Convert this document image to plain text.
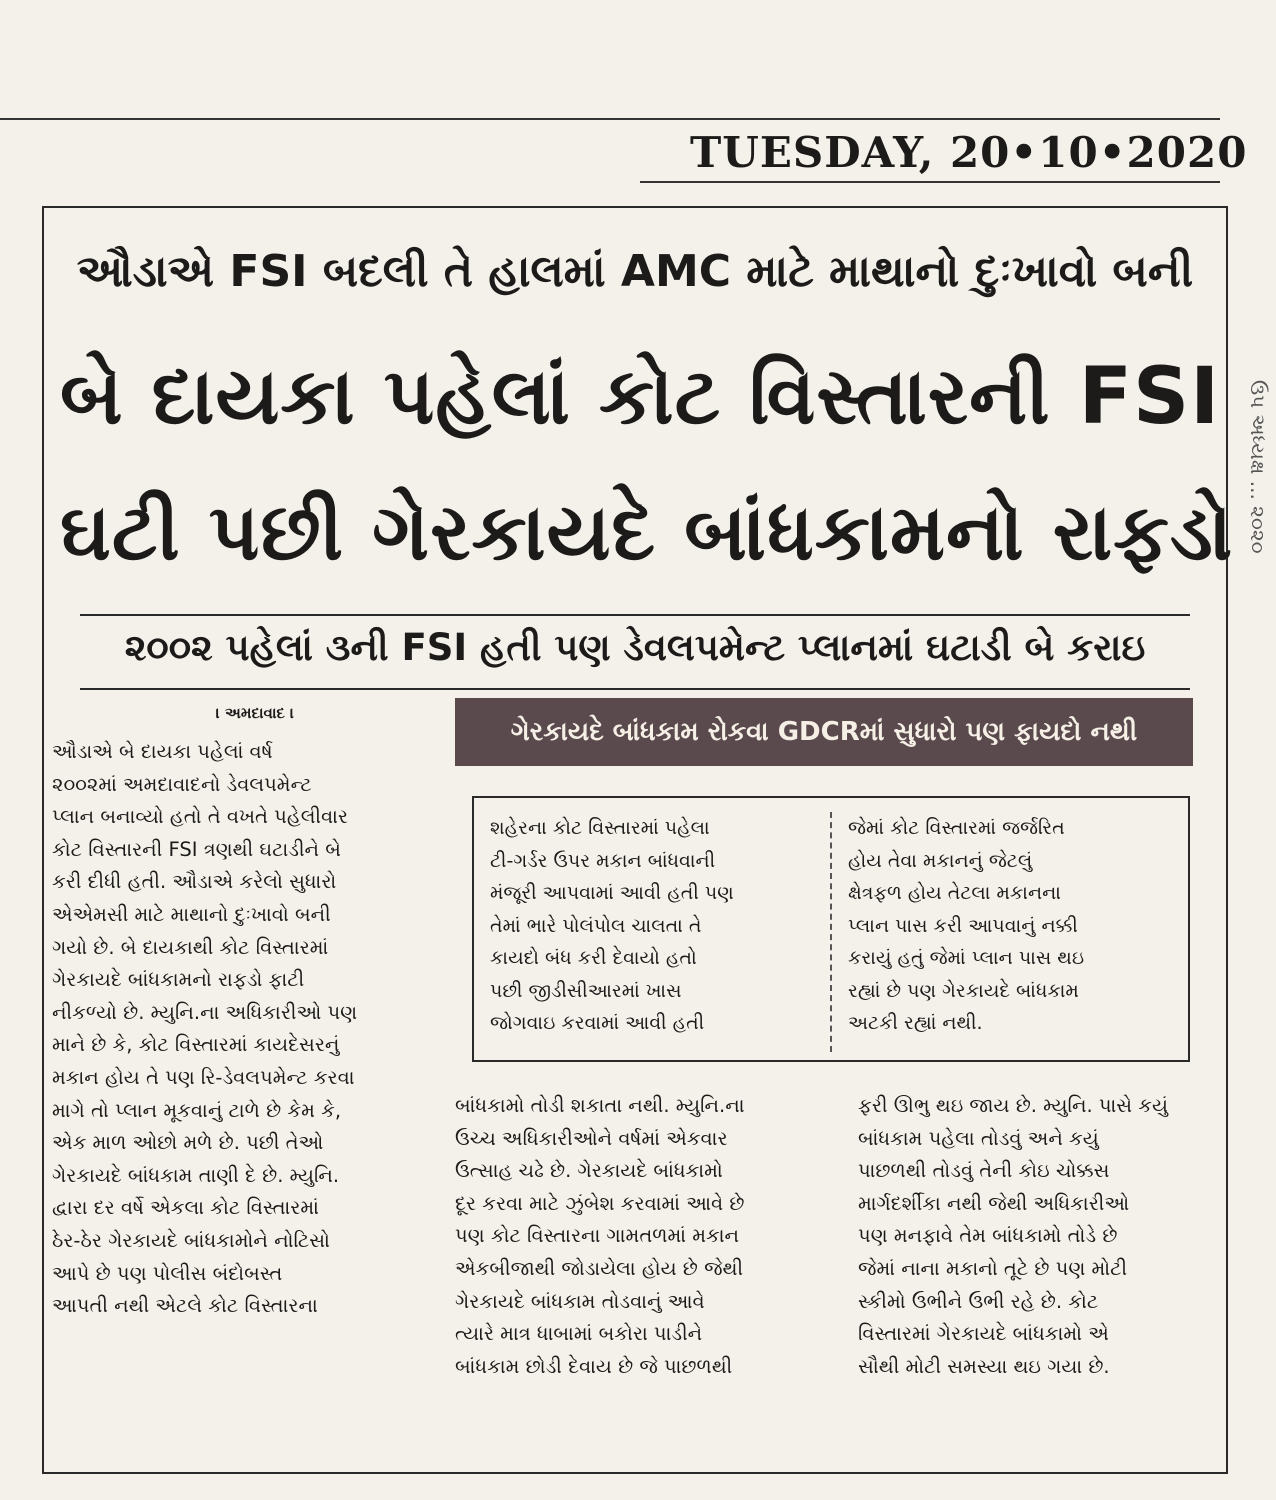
TUESDAY, 20•10•2020
ઔડાએ FSI બદલી તે હાલમાં AMC માટે માથાનો દુઃખાવો બની
બે દાયકા પહેલાં કોટ વિસ્તારની FSI
ઘટી પછી ગેરકાયદે બાંધકામનો રાફડો
૨૦૦૨ પહેલાં ૩ની FSI હતી પણ ડેવલપમેન્ટ પ્લાનમાં ઘટાડી બે કરાઇ
। અમદાવાદ ।

ઔડાએ બે દાયકા પહેલાં વર્ષ

૨૦૦૨માં અમદાવાદનો ડેવલપમેન્ટ

પ્લાન બનાવ્યો હતો તે વખતે પહેલીવાર

કોટ વિસ્તારની FSI ત્રણથી ઘટાડીને બે

કરી દીધી હતી. ઔડાએ કરેલો સુધારો

એએમસી માટે માથાનો દુઃખાવો બની

ગયો છે. બે દાયકાથી કોટ વિસ્તારમાં

ગેરકાયદે બાંધકામનો રાફડો ફાટી

નીકળ્યો છે. મ્યુનિ.ના અધિકારીઓ પણ

માને છે કે, કોટ વિસ્તારમાં કાયદેસરનું

મકાન હોય તે પણ રિ-ડેવલપમેન્ટ કરવા

માગે તો પ્લાન મૂકવાનું ટાળે છે કેમ કે,

એક માળ ઓછો મળે છે. પછી તેઓ

ગેરકાયદે બાંધકામ તાણી દે છે. મ્યુનિ.

દ્વારા દર વર્ષે એકલા કોટ વિસ્તારમાં

ઠેર-ઠેર ગેરકાયદે બાંધકામોને નોટિસો

આપે છે પણ પોલીસ બંદોબસ્ત

આપતી નથી એટલે કોટ વિસ્તારના

ગેરકાયદે બાંધકામ રોકવા GDCRમાં સુધારો પણ ફાયદો નથી

શહેરના કોટ વિસ્તારમાં પહેલા

ટી-ગર્ડર ઉપર મકાન બાંધવાની

મંજૂરી આપવામાં આવી હતી પણ

તેમાં ભારે પોલંપોલ ચાલતા તે

કાયદો બંધ કરી દેવાયો હતો

પછી જીડીસીઆરમાં ખાસ

જોગવાઇ કરવામાં આવી હતી

જેમાં કોટ વિસ્તારમાં જર્જરિત

હોય તેવા મકાનનું જેટલું

ક્ષેત્રફળ હોય તેટલા મકાનના

પ્લાન પાસ કરી આપવાનું નક્કી

કરાયું હતું જેમાં પ્લાન પાસ થઇ

રહ્યાં છે પણ ગેરકાયદે બાંધકામ

અટકી રહ્યાં નથી.

બાંધકામો તોડી શકાતા નથી. મ્યુનિ.ના

ઉચ્ચ અધિકારીઓને વર્ષમાં એકવાર

ઉત્સાહ ચઢે છે. ગેરકાયદે બાંધકામો

દૂર કરવા માટે ઝુંબેશ કરવામાં આવે છે

પણ કોટ વિસ્તારના ગામતળમાં મકાન

એકબીજાથી જોડાયેલા હોય છે જેથી

ગેરકાયદે બાંધકામ તોડવાનું આવે

ત્યારે માત્ર ધાબામાં બકોરા પાડીને

બાંધકામ છોડી દેવાય છે જે પાછળથી

ફરી ઊભુ થઇ જાય છે. મ્યુનિ. પાસે કયું

બાંધકામ પહેલા તોડવું અને કયું

પાછળથી તોડવું તેની કોઇ ચોક્કસ

માર્ગદર્શીકા નથી જેથી અધિકારીઓ

પણ મનફાવે તેમ બાંધકામો તોડે છે

જેમાં નાના મકાનો તૂટે છે પણ મોટી

સ્કીમો ઉભીને ઉભી રહે છે. કોટ

વિસ્તારમાં ગેરકાયદે બાંધકામો એ

સૌથી મોટી સમસ્યા થઇ ગયા છે.

ઉપ અધ્યક્ષ ... ૨૦૨૦
